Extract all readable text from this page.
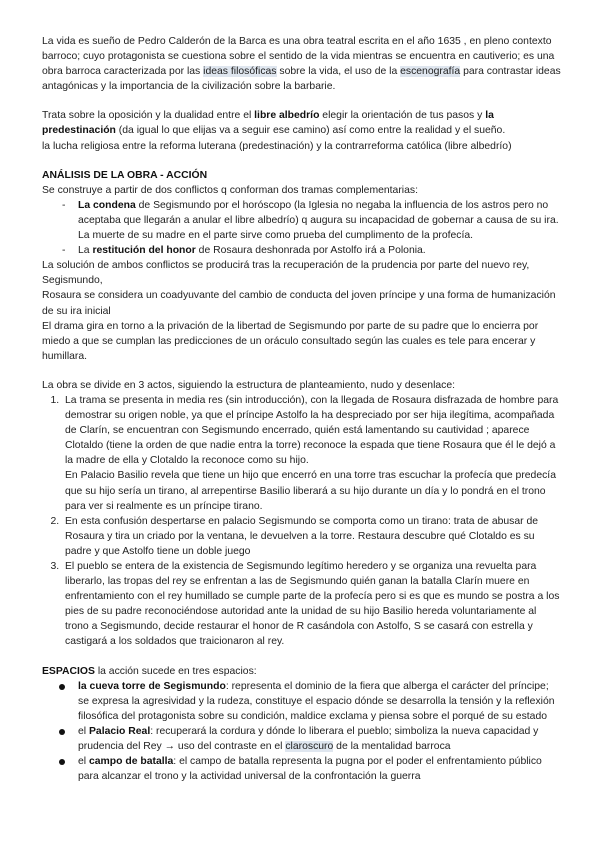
La vida es sueño de Pedro Calderón de la Barca es una obra teatral escrita en el año 1635 , en pleno contexto barroco; cuyo protagonista se cuestiona sobre el sentido de la vida mientras se encuentra en cautiverio; es una obra barroca caracterizada por las ideas filosóficas sobre la vida, el uso de la escenografía para contrastar ideas antagónicas y la importancia de la civilización sobre la barbarie.

Trata sobre la oposición y la dualidad entre el libre albedrío elegir la orientación de tus pasos y la predestinación (da igual lo que elijas va a seguir ese camino) así como entre la realidad y el sueño.

la lucha religiosa entre la reforma luterana (predestinación) y la contrarreforma católica (libre albedrío)

ANÁLISIS DE LA OBRA - ACCIÓN

Se construye a partir de dos conflictos q conforman dos tramas complementarias:

- La condena de Segismundo por el horóscopo (la Iglesia no negaba la influencia de los astros pero no aceptaba que llegarán a anular el libre albedrío) q augura su incapacidad de gobernar a causa de su ira. La muerte de su madre en el parte sirve como prueba del cumplimento de la profecía.
- La restitución del honor de Rosaura deshonrada por Astolfo irá a Polonia.

La solución de ambos conflictos se producirá tras la recuperación de la prudencia por parte del nuevo rey, Segismundo,

Rosaura se considera un coadyuvante del cambio de conducta del joven príncipe y una forma de humanización de su ira inicial

El drama gira en torno a la privación de la libertad de Segismundo por parte de su padre que lo encierra por miedo a que se cumplan las predicciones de un oráculo consultado según las cuales es tele para encerar y humillara.

La obra se divide en 3 actos, siguiendo la estructura de planteamiento, nudo y desenlace:

1. La trama se presenta in media res (sin introducción), con la llegada de Rosaura disfrazada de hombre para demostrar su origen noble, ya que el príncipe Astolfo la ha despreciado por ser hija ilegítima, acompañada de Clarín, se encuentran con Segismundo encerrado, quién está lamentando su cautividad ; aparece Clotaldo (tiene la orden de que nadie entra la torre) reconoce la espada que tiene Rosaura que él le dejó a la madre de ella y Clotaldo la reconoce como su hijo.
En Palacio Basilio revela que tiene un hijo que encerró en una torre tras escuchar la profecía que predecía que su hijo sería un tirano, al arrepentirse Basilio liberará a su hijo durante un día y lo pondrá en el trono para ver si realmente es un príncipe tirano.
2. En esta confusión despertarse en palacio Segismundo se comporta como un tirano: trata de abusar de Rosaura y tira un criado por la ventana, le devuelven a la torre. Restaura descubre qué Clotaldo es su padre y que Astolfo tiene un doble juego
3. El pueblo se entera de la existencia de Segismundo legítimo heredero y se organiza una revuelta para liberarlo, las tropas del rey se enfrentan a las de Segismundo quién ganan la batalla Clarín muere en enfrentamiento con el rey humillado se cumple parte de la profecía pero si es que es mundo se postra a los pies de su padre reconociéndose autoridad ante la unidad de su hijo Basilio hereda voluntariamente al trono a Segismundo, decide restaurar el honor de R casándola con Astolfo, S se casará con estrella y castigará a los soldados que traicionaron al rey.

ESPACIOS la acción sucede en tres espacios:

la cueva torre de Segismundo: representa el dominio de la fiera que alberga el carácter del príncipe; se expresa la agresividad y la rudeza, constituye el espacio dónde se desarrolla la tensión y la reflexión filosófica del protagonista sobre su condición, maldice exclama y piensa sobre el porqué de su estado
el Palacio Real: recuperará la cordura y dónde lo liberara el pueblo; simboliza la nueva capacidad y prudencia del Rey → uso del contraste en el claroscuro de la mentalidad barroca
el campo de batalla: el campo de batalla representa la pugna por el poder el enfrentamiento público para alcanzar el trono y la actividad universal de la confrontación la guerra
